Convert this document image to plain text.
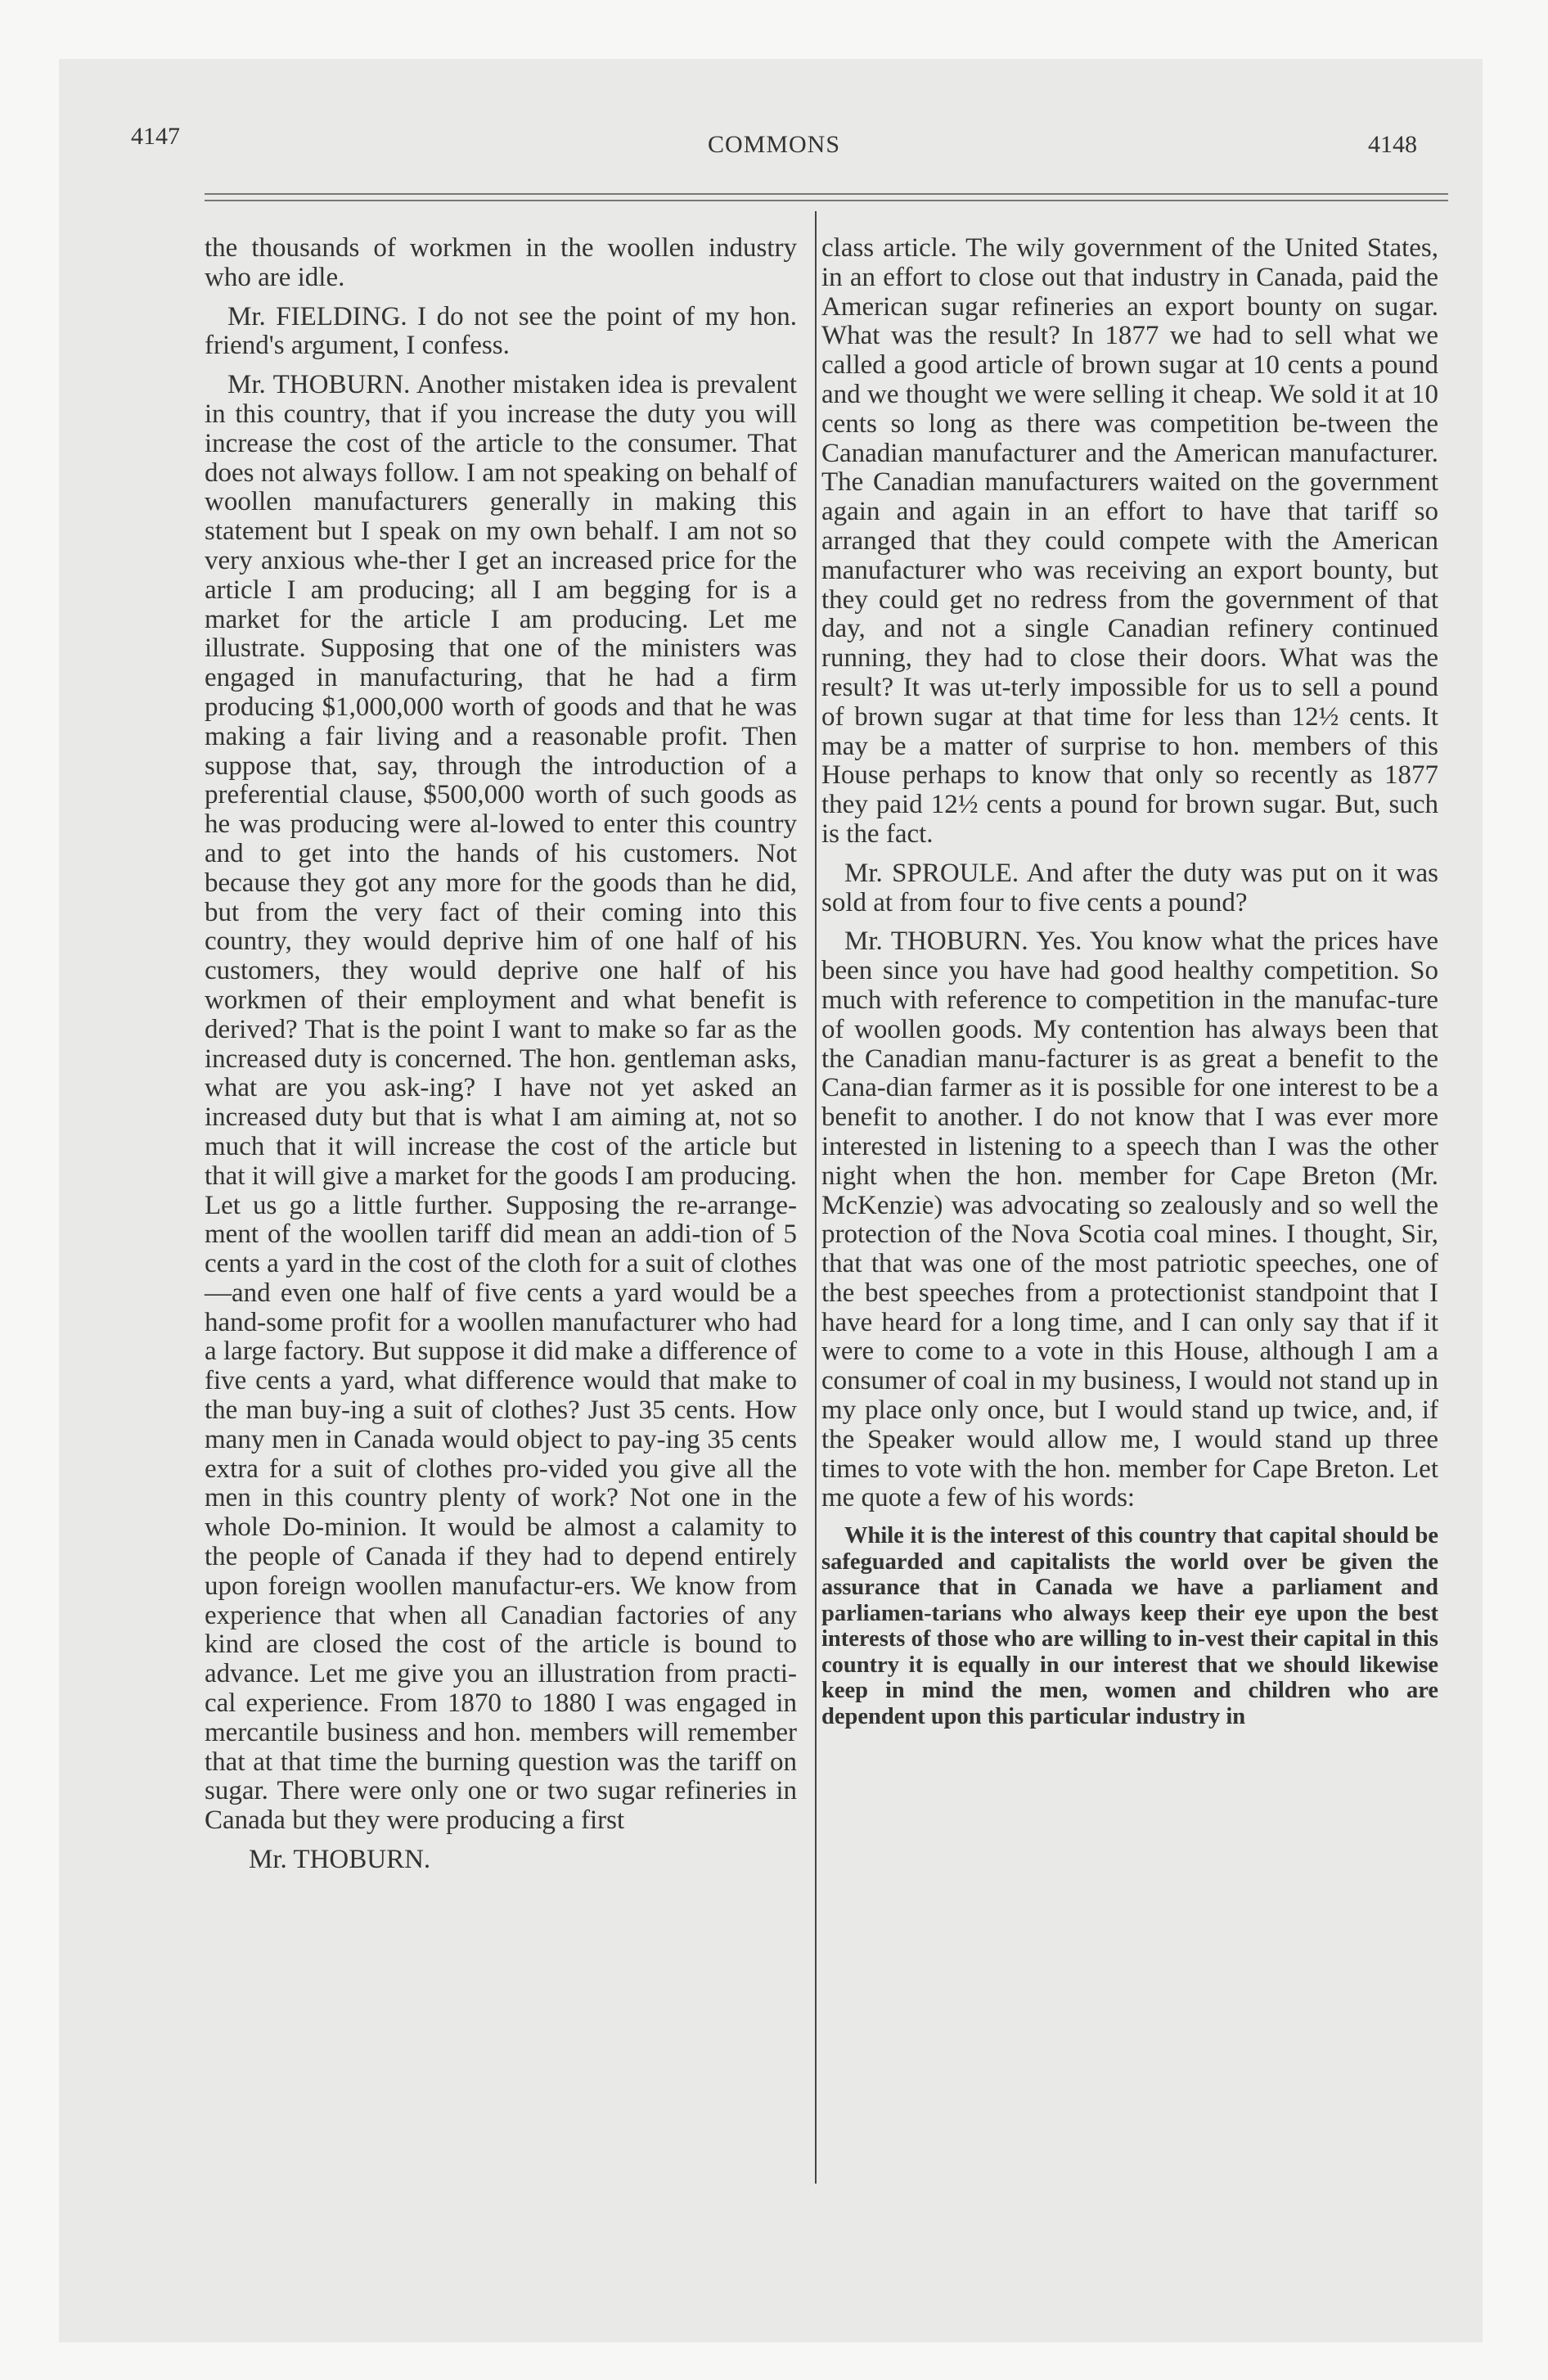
4147	COMMONS	4148

the thousands of workmen in the woollen industry who are idle.

Mr. FIELDING. I do not see the point of my hon. friend's argument, I confess.

Mr. THOBURN. Another mistaken idea is prevalent in this country, that if you increase the duty you will increase the cost of the article to the consumer. That does not always follow. I am not speaking on behalf of woollen manufacturers generally in making this statement but I speak on my own behalf. I am not so very anxious whe-ther I get an increased price for the article I am producing; all I am begging for is a market for the article I am producing. Let me illustrate. Supposing that one of the ministers was engaged in manufacturing, that he had a firm producing $1,000,000 worth of goods and that he was making a fair living and a reasonable profit. Then suppose that, say, through the introduction of a preferential clause, $500,000 worth of such goods as he was producing were al-lowed to enter this country and to get into the hands of his customers. Not because they got any more for the goods than he did, but from the very fact of their coming into this country, they would deprive him of one half of his customers, they would deprive one half of his workmen of their employment and what benefit is derived? That is the point I want to make so far as the increased duty is concerned. The hon. gentleman asks, what are you ask-ing? I have not yet asked an increased duty but that is what I am aiming at, not so much that it will increase the cost of the article but that it will give a market for the goods I am producing. Let us go a little further. Supposing the re-arrange-ment of the woollen tariff did mean an addi-tion of 5 cents a yard in the cost of the cloth for a suit of clothes—and even one half of five cents a yard would be a hand-some profit for a woollen manufacturer who had a large factory. But suppose it did make a difference of five cents a yard, what difference would that make to the man buy-ing a suit of clothes? Just 35 cents. How many men in Canada would object to pay-ing 35 cents extra for a suit of clothes pro-vided you give all the men in this country plenty of work? Not one in the whole Do-minion. It would be almost a calamity to the people of Canada if they had to depend entirely upon foreign woollen manufactur-ers. We know from experience that when all Canadian factories of any kind are closed the cost of the article is bound to advance. Let me give you an illustration from practi-cal experience. From 1870 to 1880 I was engaged in mercantile business and hon. members will remember that at that time the burning question was the tariff on sugar. There were only one or two sugar refineries in Canada but they were producing a first

Mr. THOBURN.

class article. The wily government of the United States, in an effort to close out that industry in Canada, paid the American sugar refineries an export bounty on sugar. What was the result? In 1877 we had to sell what we called a good article of brown sugar at 10 cents a pound and we thought we were selling it cheap. We sold it at 10 cents so long as there was competition be-tween the Canadian manufacturer and the American manufacturer. The Canadian manufacturers waited on the government again and again in an effort to have that tariff so arranged that they could compete with the American manufacturer who was receiving an export bounty, but they could get no redress from the government of that day, and not a single Canadian refinery continued running, they had to close their doors. What was the result? It was ut-terly impossible for us to sell a pound of brown sugar at that time for less than 12½ cents. It may be a matter of surprise to hon. members of this House perhaps to know that only so recently as 1877 they paid 12½ cents a pound for brown sugar. But, such is the fact.

Mr. SPROULE. And after the duty was put on it was sold at from four to five cents a pound?

Mr. THOBURN. Yes. You know what the prices have been since you have had good healthy competition. So much with reference to competition in the manufac-ture of woollen goods. My contention has always been that the Canadian manu-facturer is as great a benefit to the Cana-dian farmer as it is possible for one interest to be a benefit to another. I do not know that I was ever more interested in listening to a speech than I was the other night when the hon. member for Cape Breton (Mr. McKenzie) was advocating so zealously and so well the protection of the Nova Scotia coal mines. I thought, Sir, that that was one of the most patriotic speeches, one of the best speeches from a protectionist standpoint that I have heard for a long time, and I can only say that if it were to come to a vote in this House, although I am a consumer of coal in my business, I would not stand up in my place only once, but I would stand up twice, and, if the Speaker would allow me, I would stand up three times to vote with the hon. member for Cape Breton. Let me quote a few of his words:

While it is the interest of this country that capital should be safeguarded and capitalists the world over be given the assurance that in Canada we have a parliament and parliamen-tarians who always keep their eye upon the best interests of those who are willing to in-vest their capital in this country it is equally in our interest that we should likewise keep in mind the men, women and children who are dependent upon this particular industry in
